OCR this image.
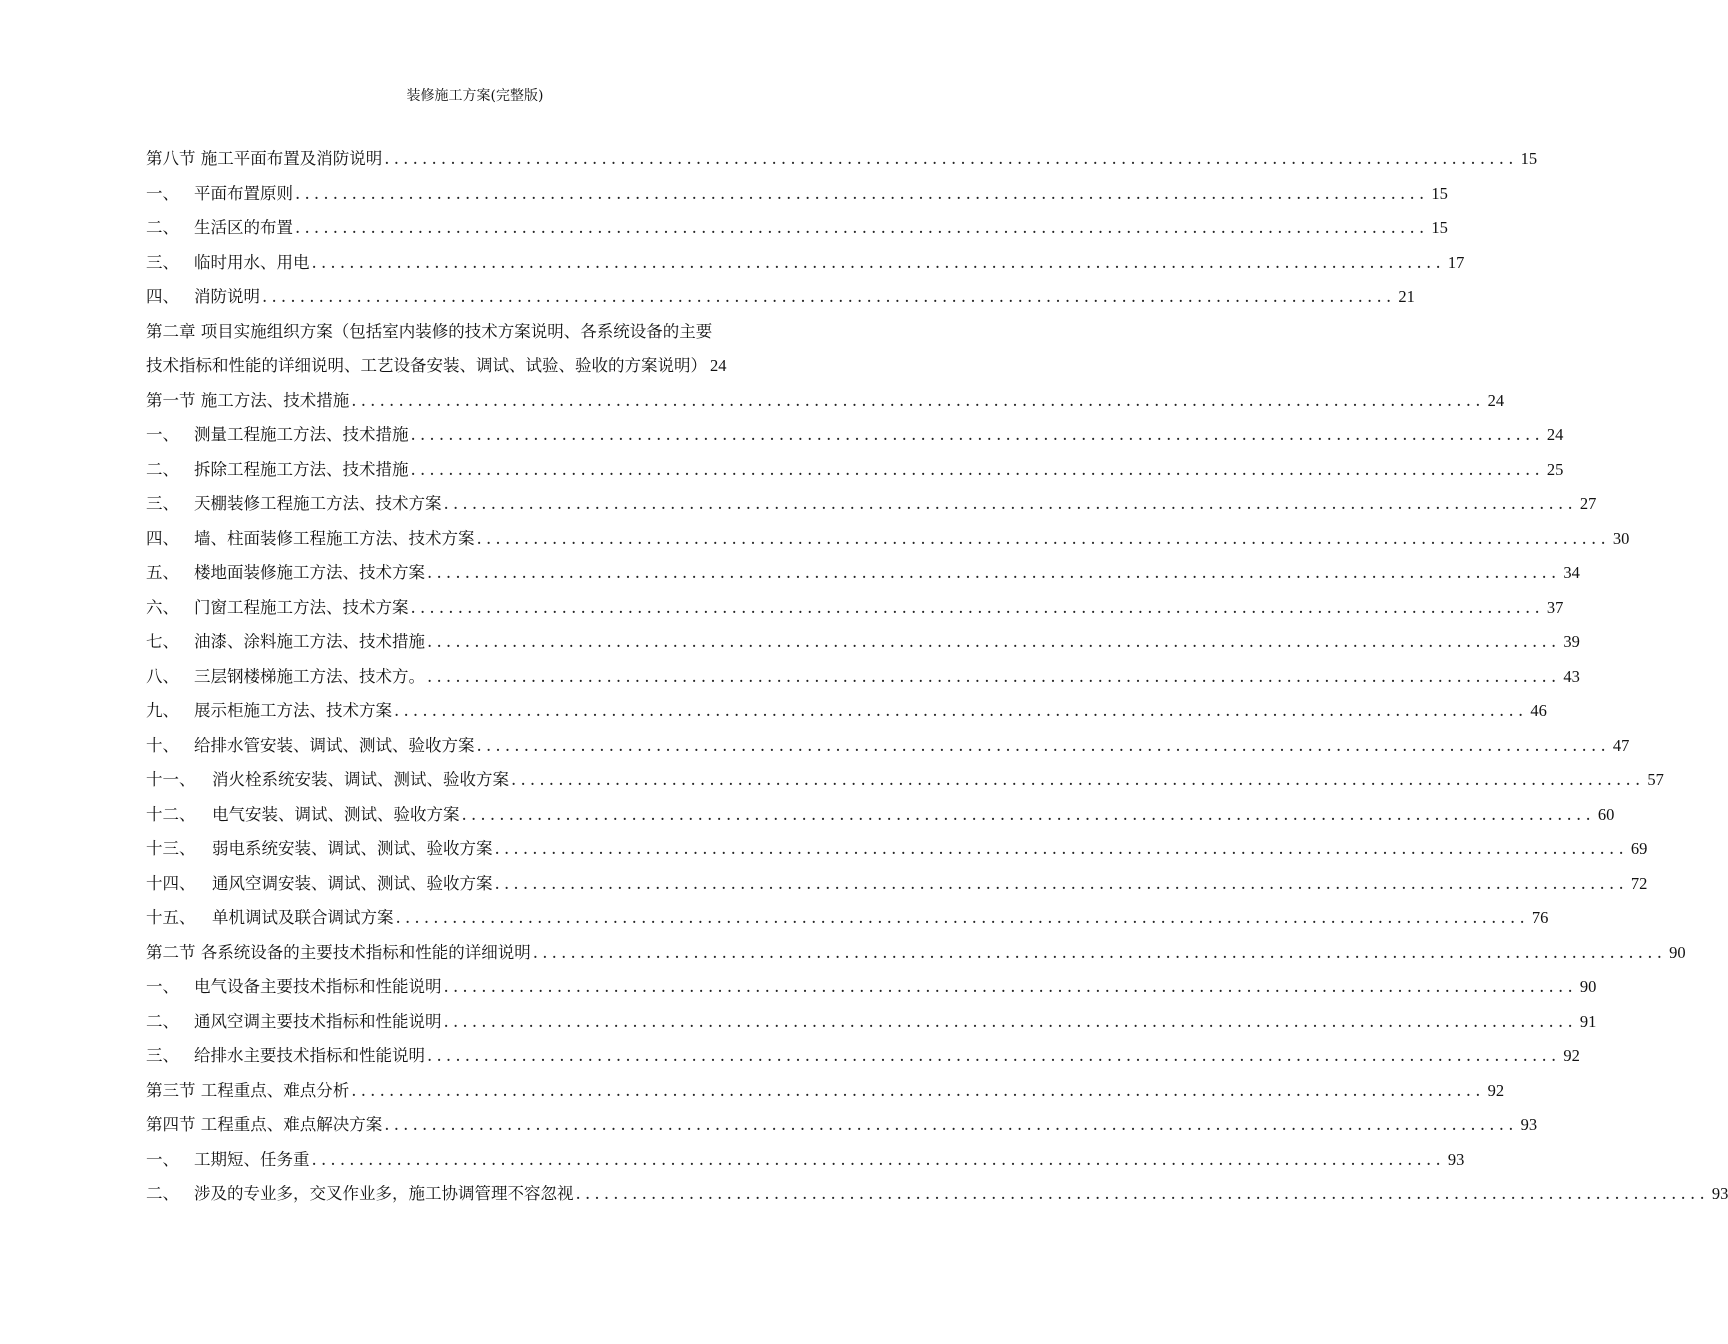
装修施工方案(完整版)
第八节 施工平面布置及消防说明 ........................................................................................................................ 15
一、 平面布置原则 ........................................................................................................................ 15
二、 生活区的布置 ........................................................................................................................ 15
三、 临时用水、用电 ........................................................................................................................ 17
四、 消防说明 ........................................................................................................................ 21
第二章 项目实施组织方案（包括室内装修的技术方案说明、各系统设备的主要
技术指标和性能的详细说明、工艺设备安装、调试、试验、验收的方案说明） 24
第一节 施工方法、技术措施 ........................................................................................................................ 24
一、 测量工程施工方法、技术措施 ........................................................................................................................ 24
二、 拆除工程施工方法、技术措施 ........................................................................................................................ 25
三、 天棚装修工程施工方法、技术方案 ........................................................................................................................ 27
四、 墙、柱面装修工程施工方法、技术方案 ........................................................................................................................ 30
五、 楼地面装修施工方法、技术方案 ........................................................................................................................ 34
六、 门窗工程施工方法、技术方案 ........................................................................................................................ 37
七、 油漆、涂料施工方法、技术措施 ........................................................................................................................ 39
八、 三层钢楼梯施工方法、技术方。 ........................................................................................................................ 43
九、 展示柜施工方法、技术方案 ........................................................................................................................ 46
十、 给排水管安装、调试、测试、验收方案 ........................................................................................................................ 47
十一、 消火栓系统安装、调试、测试、验收方案 ........................................................................................................................ 57
十二、 电气安装、调试、测试、验收方案 ........................................................................................................................ 60
十三、 弱电系统安装、调试、测试、验收方案 ........................................................................................................................ 69
十四、 通风空调安装、调试、测试、验收方案 ........................................................................................................................ 72
十五、 单机调试及联合调试方案 ........................................................................................................................ 76
第二节 各系统设备的主要技术指标和性能的详细说明 ........................................................................................................................ 90
一、 电气设备主要技术指标和性能说明 ........................................................................................................................ 90
二、 通风空调主要技术指标和性能说明 ........................................................................................................................ 91
三、 给排水主要技术指标和性能说明 ........................................................................................................................ 92
第三节 工程重点、难点分析 ........................................................................................................................ 92
第四节 工程重点、难点解决方案 ........................................................................................................................ 93
一、 工期短、任务重 ........................................................................................................................ 93
二、 涉及的专业多，交叉作业多，施工协调管理不容忽视 ........................................................................................................................ 93
